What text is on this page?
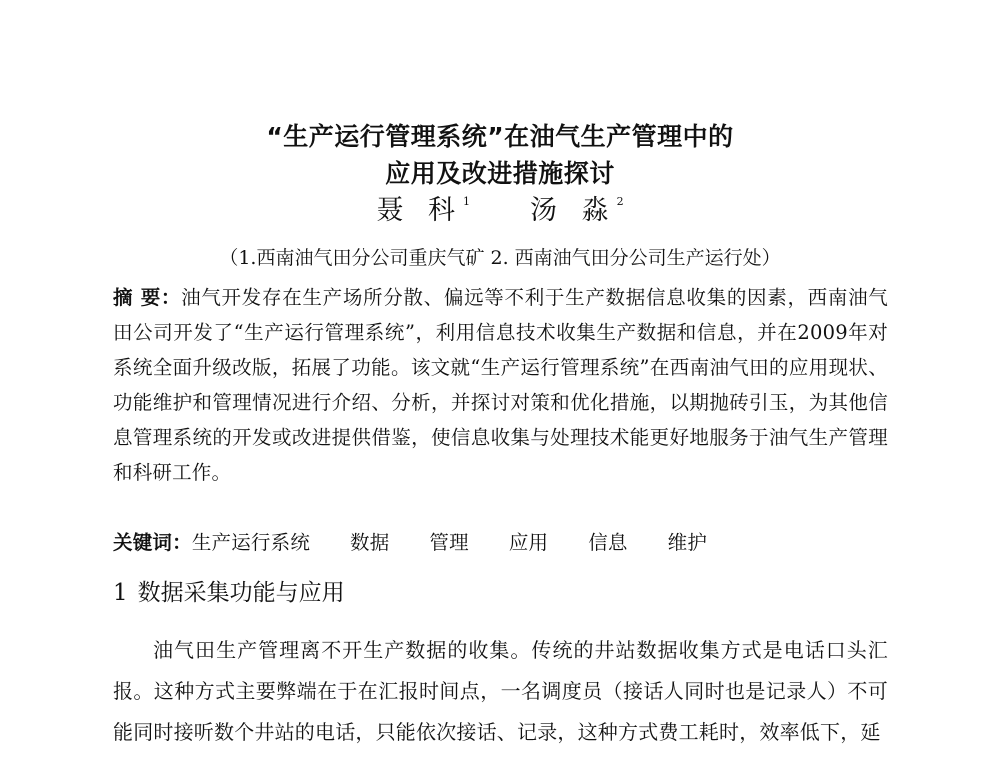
“生产运行管理系统”在油气生产管理中的
应用及改进措施探讨
聂 科$^1$ 汤 淼$^2$
（1.西南油气田分公司重庆气矿 2. 西南油气田分公司生产运行处）
摘 要：油气开发存在生产场所分散、偏远等不利于生产数据信息收集的因素，西南油气田公司开发了“生产运行管理系统”，利用信息技术收集生产数据和信息，并在2009年对系统全面升级改版，拓展了功能。该文就“生产运行管理系统”在西南油气田的应用现状、功能维护和管理情况进行介绍、分析，并探讨对策和优化措施，以期抛砖引玉，为其他信息管理系统的开发或改进提供借鉴，使信息收集与处理技术能更好地服务于油气生产管理和科研工作。
关键词：生产运行系统 数据 管理 应用 信息 维护
1 数据采集功能与应用
油气田生产管理离不开生产数据的收集。传统的井站数据收集方式是电话口头汇报。这种方式主要弊端在于在汇报时间点，一名调度员（接话人同时也是记录人）不可能同时接听数个井站的电话，只能依次接话、记录，这种方式费工耗时，效率低下，延
